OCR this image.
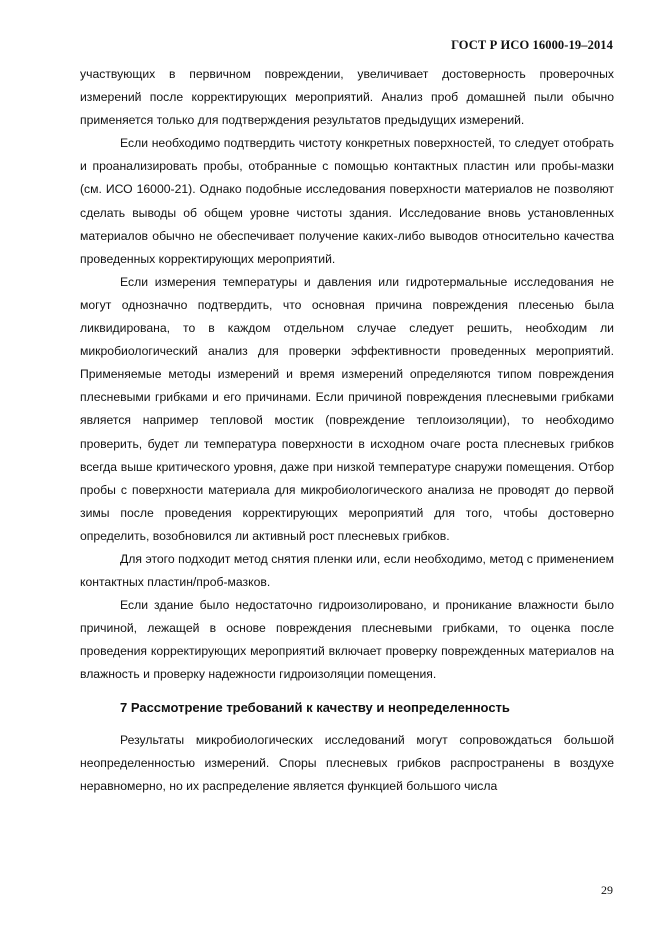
ГОСТ Р ИСО 16000-19–2014

участвующих в первичном повреждении, увеличивает достоверность проверочных измерений после корректирующих мероприятий. Анализ проб домашней пыли обычно применяется только для подтверждения результатов предыдущих измерений.

Если необходимо подтвердить чистоту конкретных поверхностей, то следует отобрать и проанализировать пробы, отобранные с помощью контактных пластин или пробы-мазки (см. ИСО 16000-21). Однако подобные исследования поверхности материалов не позволяют сделать выводы об общем уровне чистоты здания. Исследование вновь установленных материалов обычно не обеспечивает получение каких-либо выводов относительно качества проведенных корректирующих мероприятий.

Если измерения температуры и давления или гидротермальные исследования не могут однозначно подтвердить, что основная причина повреждения плесенью была ликвидирована, то в каждом отдельном случае следует решить, необходим ли микробиологический анализ для проверки эффективности проведенных мероприятий. Применяемые методы измерений и время измерений определяются типом повреждения плесневыми грибками и его причинами. Если причиной повреждения плесневыми грибками является например тепловой мостик (повреждение теплоизоляции), то необходимо проверить, будет ли температура поверхности в исходном очаге роста плесневых грибков всегда выше критического уровня, даже при низкой температуре снаружи помещения. Отбор пробы с поверхности материала для микробиологического анализа не проводят до первой зимы после проведения корректирующих мероприятий для того, чтобы достоверно определить, возобновился ли активный рост плесневых грибков.

Для этого подходит метод снятия пленки или, если необходимо, метод с применением контактных пластин/проб-мазков.

Если здание было недостаточно гидроизолировано, и проникание влажности было причиной, лежащей в основе повреждения плесневыми грибками, то оценка после проведения корректирующих мероприятий включает проверку поврежденных материалов на влажность и проверку надежности гидроизоляции помещения.

7 Рассмотрение требований к качеству и неопределенность

Результаты микробиологических исследований могут сопровождаться большой неопределенностью измерений. Споры плесневых грибков распространены в воздухе неравномерно, но их распределение является функцией большого числа

29
